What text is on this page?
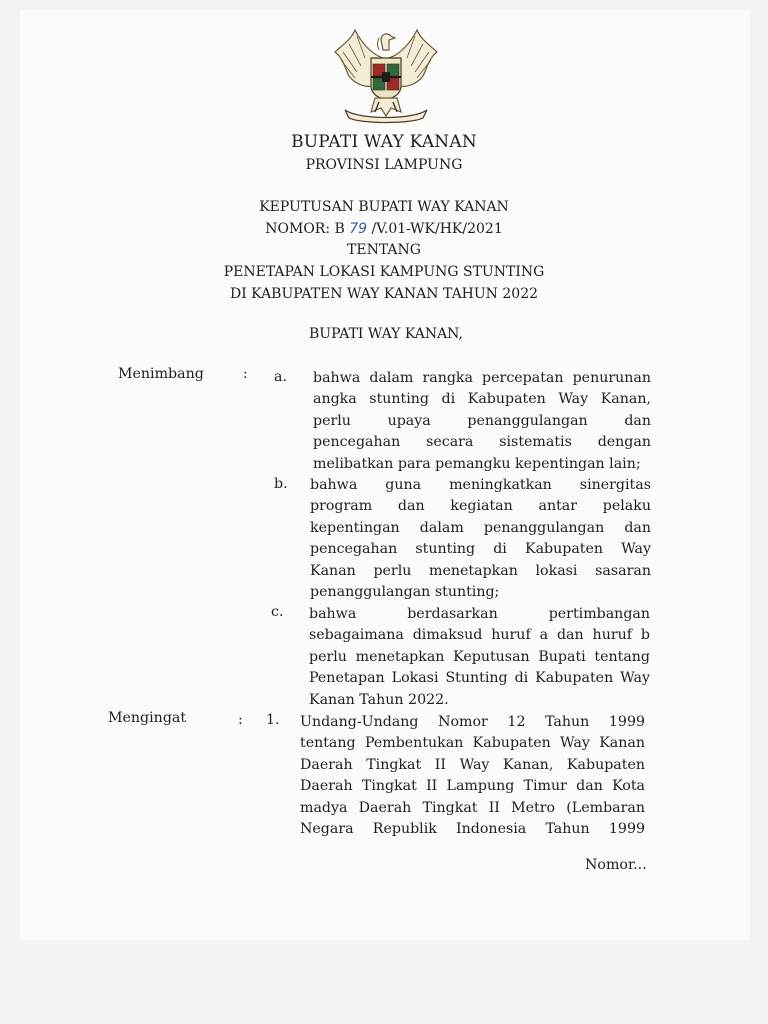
BUPATI WAY KANAN
PROVINSI LAMPUNG
KEPUTUSAN BUPATI WAY KANAN
NOMOR: B 79 /V.01-WK/HK/2021
TENTANG
PENETAPAN LOKASI KAMPUNG STUNTING
DI KABUPATEN WAY KANAN TAHUN 2022
BUPATI WAY KANAN,
Menimbang	: a. bahwa dalam rangka percepatan penurunan
angka stunting di Kabupaten Way Kanan,
perlu upaya penanggulangan dan
pencegahan secara sistematis dengan
melibatkan para pemangku kepentingan lain;
b. bahwa guna meningkatkan sinergitas
program dan kegiatan antar pelaku
kepentingan dalam penanggulangan dan
pencegahan stunting di Kabupaten Way
Kanan perlu menetapkan lokasi sasaran
penanggulangan stunting;
c. bahwa berdasarkan pertimbangan
sebagaimana dimaksud huruf a dan huruf b
perlu menetapkan Keputusan Bupati tentang
Penetapan Lokasi Stunting di Kabupaten Way
Kanan Tahun 2022.
Mengingat	: 1. Undang-Undang Nomor 12 Tahun 1999
tentang Pembentukan Kabupaten Way Kanan
Daerah Tingkat II Way Kanan, Kabupaten
Daerah Tingkat II Lampung Timur dan Kota
madya Daerah Tingkat II Metro (Lembaran
Negara Republik Indonesia Tahun 1999
Nomor...
